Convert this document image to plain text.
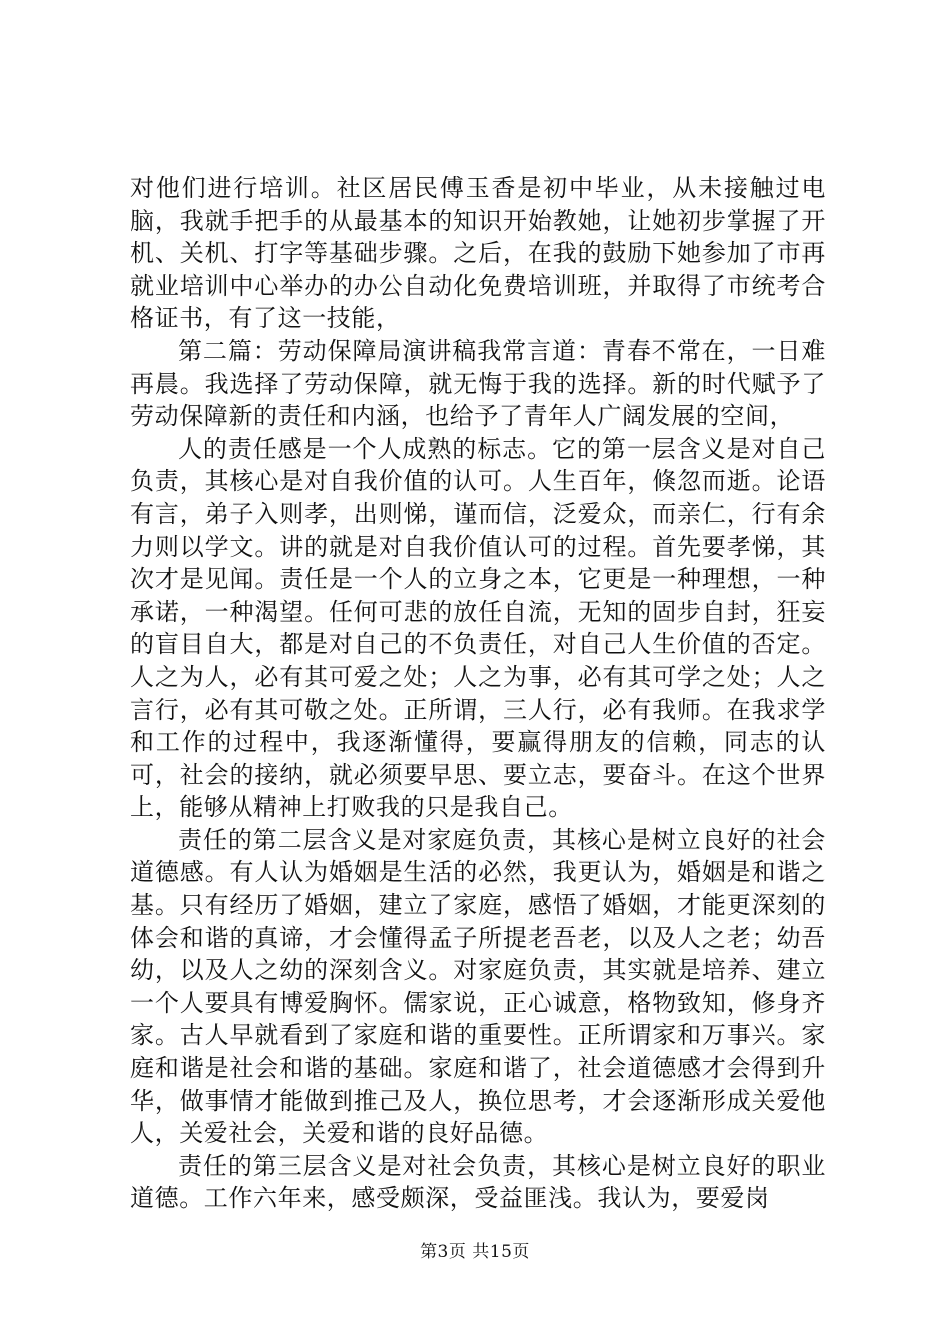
对他们进行培训。社区居民傅玉香是初中毕业，从未接触过电脑，我就手把手的从最基本的知识开始教她，让她初步掌握了开机、关机、打字等基础步骤。之后，在我的鼓励下她参加了市再就业培训中心举办的办公自动化免费培训班，并取得了市统考合格证书，有了这一技能，

第二篇：劳动保障局演讲稿我常言道：青春不常在，一日难再晨。我选择了劳动保障，就无悔于我的选择。新的时代赋予了劳动保障新的责任和内涵，也给予了青年人广阔发展的空间，

人的责任感是一个人成熟的标志。它的第一层含义是对自己负责，其核心是对自我价值的认可。人生百年，倏忽而逝。论语有言，弟子入则孝，出则悌，谨而信，泛爱众，而亲仁，行有余力则以学文。讲的就是对自我价值认可的过程。首先要孝悌，其次才是见闻。责任是一个人的立身之本，它更是一种理想，一种承诺，一种渴望。任何可悲的放任自流，无知的固步自封，狂妄的盲目自大，都是对自己的不负责任，对自己人生价值的否定。人之为人，必有其可爱之处；人之为事，必有其可学之处；人之言行，必有其可敬之处。正所谓，三人行，必有我师。在我求学和工作的过程中，我逐渐懂得，要赢得朋友的信赖，同志的认可，社会的接纳，就必须要早思、要立志，要奋斗。在这个世界上，能够从精神上打败我的只是我自己。

责任的第二层含义是对家庭负责，其核心是树立良好的社会道德感。有人认为婚姻是生活的必然，我更认为，婚姻是和谐之基。只有经历了婚姻，建立了家庭，感悟了婚姻，才能更深刻的体会和谐的真谛，才会懂得孟子所提老吾老，以及人之老；幼吾幼，以及人之幼的深刻含义。对家庭负责，其实就是培养、建立一个人要具有博爱胸怀。儒家说，正心诚意，格物致知，修身齐家。古人早就看到了家庭和谐的重要性。正所谓家和万事兴。家庭和谐是社会和谐的基础。家庭和谐了，社会道德感才会得到升华，做事情才能做到推己及人，换位思考，才会逐渐形成关爱他人，关爱社会，关爱和谐的良好品德。

责任的第三层含义是对社会负责，其核心是树立良好的职业道德。工作六年来，感受颇深，受益匪浅。我认为，要爱岗

第3页 共15页
